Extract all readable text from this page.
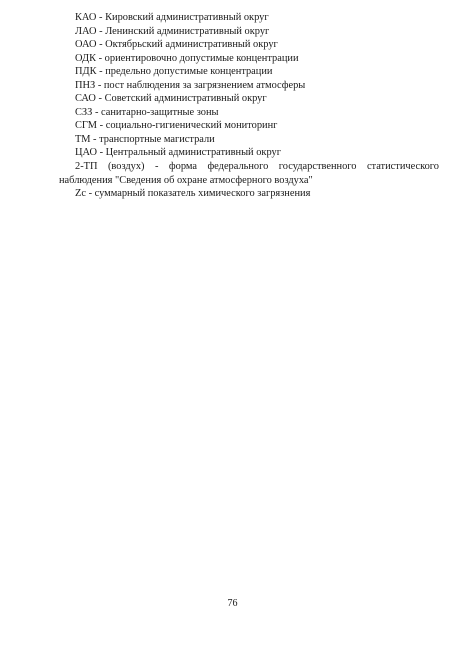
КАО - Кировский административный округ
ЛАО - Ленинский административный округ
ОАО - Октябрьский административный округ
ОДК - ориентировочно допустимые концентрации
ПДК - предельно допустимые концентрации
ПНЗ - пост наблюдения за загрязнением атмосферы
САО - Советский административный округ
СЗЗ - санитарно-защитные зоны
СГМ - социально-гигиенический мониторинг
ТМ - транспортные магистрали
ЦАО - Центральный административный округ
2-ТП (воздух) - форма федерального государственного статистического наблюдения "Сведения об охране атмосферного воздуха"
Zc - суммарный показатель химического загрязнения
76
